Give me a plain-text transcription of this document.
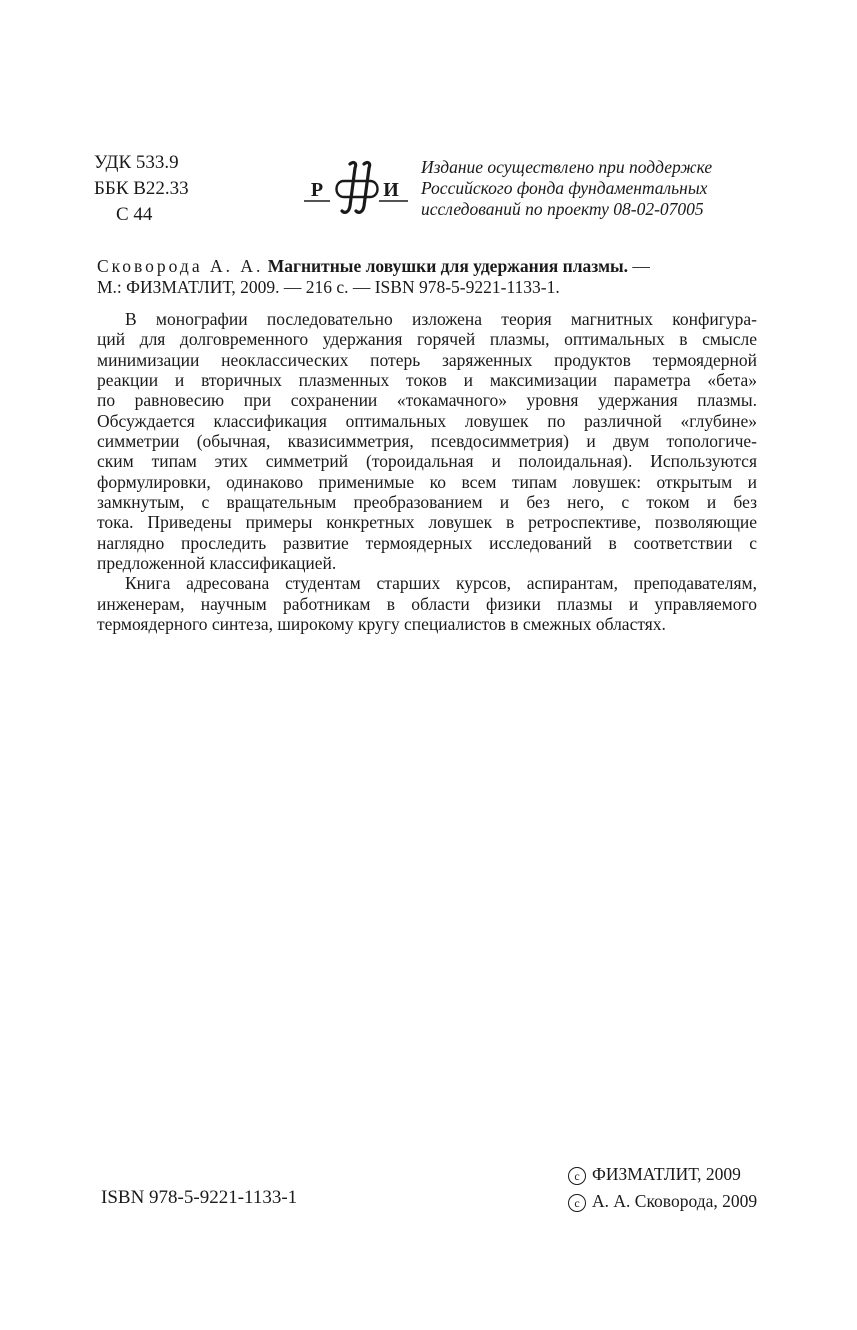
УДК 533.9
ББК В22.33
С 44
Р	И
Издание осуществлено при поддержке
Российского фонда фундаментальных
исследований по проекту 08-02-07005
Сковорода А. А. Магнитные ловушки для удержания плазмы. —
М.: ФИЗМАТЛИТ, 2009. — 216 с. — ISBN 978-5-9221-1133-1.
В монографии последовательно изложена теория магнитных конфигура-
ций для долговременного удержания горячей плазмы, оптимальных в смысле
минимизации неоклассических потерь заряженных продуктов термоядерной
реакции и вторичных плазменных токов и максимизации параметра «бета»
по равновесию при сохранении «токамачного» уровня удержания плазмы.
Обсуждается классификация оптимальных ловушек по различной «глубине»
симметрии (обычная, квазисимметрия, псевдосимметрия) и двум топологиче-
ским типам этих симметрий (тороидальная и полоидальная). Используются
формулировки, одинаково применимые ко всем типам ловушек: открытым и
замкнутым, с вращательным преобразованием и без него, с током и без
тока. Приведены примеры конкретных ловушек в ретроспективе, позволяющие
наглядно проследить развитие термоядерных исследований в соответствии с
предложенной классификацией.
Книга адресована студентам старших курсов, аспирантам, преподавателям,
инженерам, научным работникам в области физики плазмы и управляемого
термоядерного синтеза, широкому кругу специалистов в смежных областях.
ISBN 978-5-9221-1133-1
c ФИЗМАТЛИТ, 2009
c А. А. Сковорода, 2009
